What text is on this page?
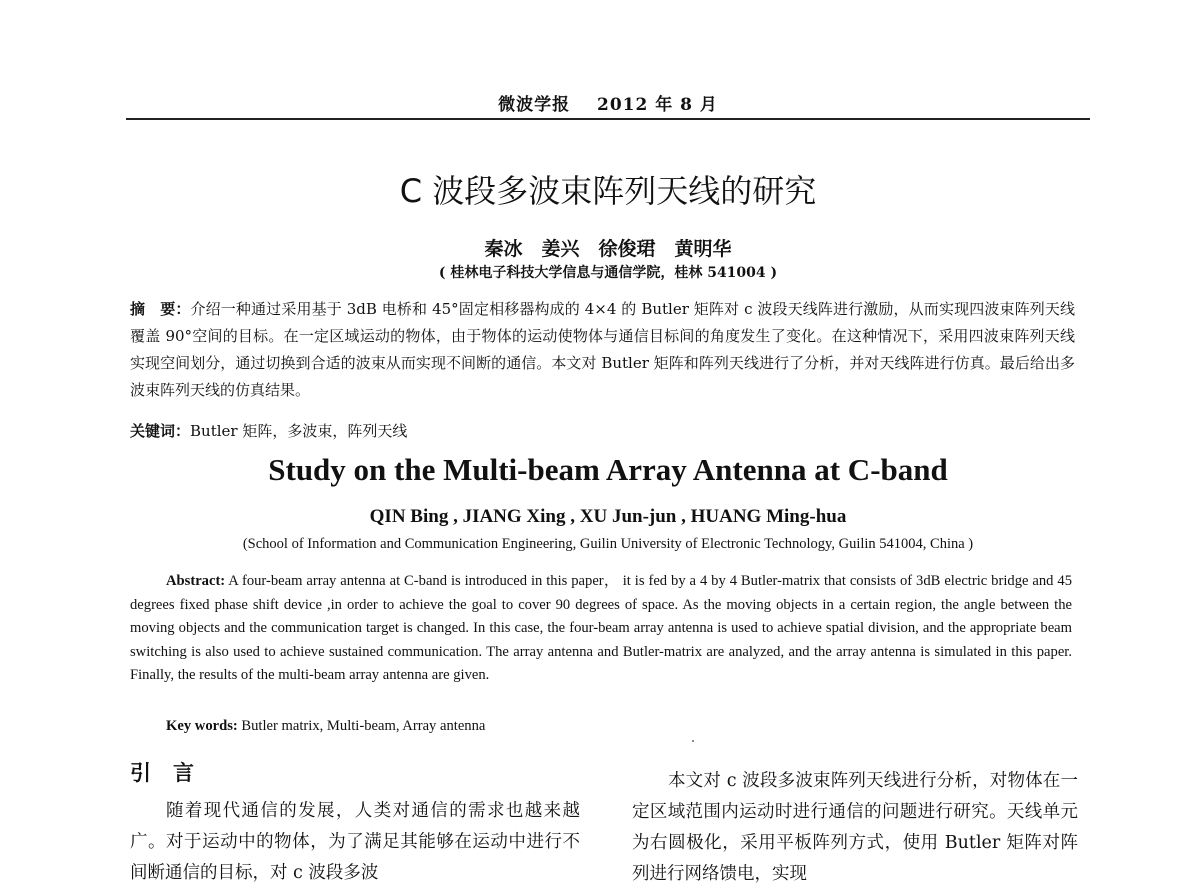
微波学报 2012 年 8 月
C 波段多波束阵列天线的研究
秦冰　姜兴　徐俊珺　黄明华
( 桂林电子科技大学信息与通信学院，桂林 541004 )
摘　要：介绍一种通过采用基于 3dB 电桥和 45°固定相移器构成的 4×4 的 Butler 矩阵对 c 波段天线阵进行激励，从而实现四波束阵列天线覆盖 90°空间的目标。在一定区域运动的物体，由于物体的运动使物体与通信目标间的角度发生了变化。在这种情况下，采用四波束阵列天线实现空间划分，通过切换到合适的波束从而实现不间断的通信。本文对 Butler 矩阵和阵列天线进行了分析，并对天线阵进行仿真。最后给出多波束阵列天线的仿真结果。
关键词：Butler 矩阵，多波束，阵列天线
Study on the Multi-beam Array Antenna at C-band
QIN Bing , JIANG Xing , XU Jun-jun , HUANG Ming-hua
(School of Information and Communication Engineering, Guilin University of Electronic Technology, Guilin 541004, China )
Abstract: A four-beam array antenna at C-band is introduced in this paper， it is fed by a 4 by 4 Butler-matrix that consists of 3dB electric bridge and 45 degrees fixed phase shift device ,in order to achieve the goal to cover 90 degrees of space. As the moving objects in a certain region, the angle between the moving objects and the communication target is changed. In this case, the four-beam array antenna is used to achieve spatial division, and the appropriate beam switching is also used to achieve sustained communication. The array antenna and Butler-matrix are analyzed, and the array antenna is simulated in this paper. Finally, the results of the multi-beam array antenna are given.
Key words: Butler matrix, Multi-beam, Array antenna
引 言
随着现代通信的发展，人类对通信的需求也越来越广。对于运动中的物体，为了满足其能够在运动中进行不间断通信的目标，对 c 波段多波
本文对 c 波段多波束阵列天线进行分析，对物体在一定区域范围内运动时进行通信的问题进行研究。天线单元为右圆极化，采用平板阵列方式，使用 Butler 矩阵对阵列进行网络馈电，实现
